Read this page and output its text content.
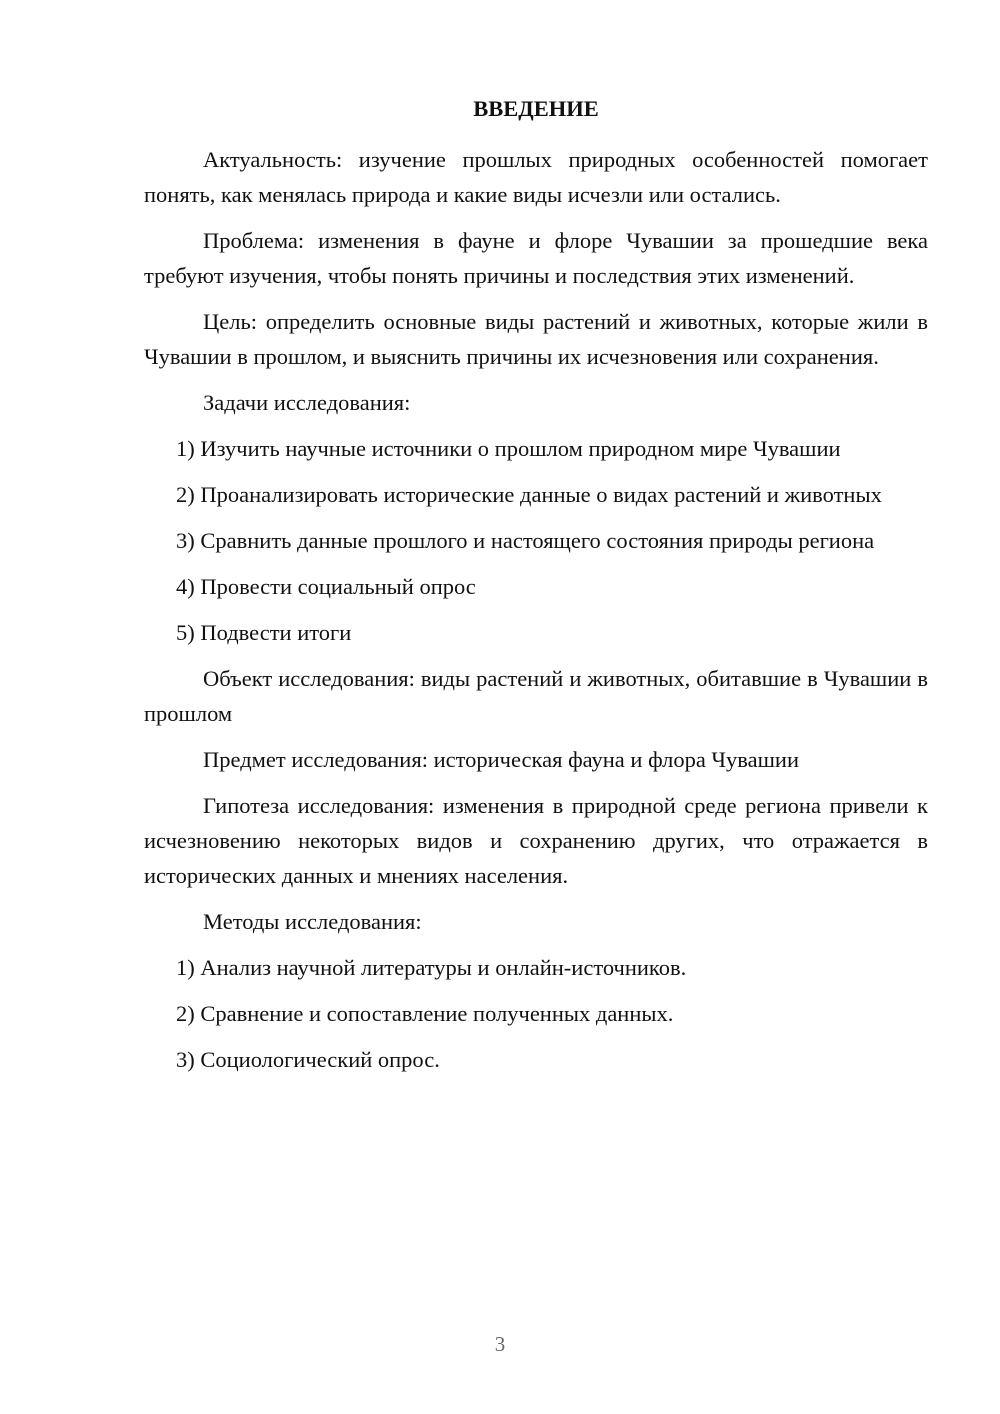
ВВЕДЕНИЕ

Актуальность: изучение прошлых природных особенностей помогает понять, как менялась природа и какие виды исчезли или остались.

Проблема: изменения в фауне и флоре Чувашии за прошедшие века требуют изучения, чтобы понять причины и последствия этих изменений.

Цель: определить основные виды растений и животных, которые жили в Чувашии в прошлом, и выяснить причины их исчезновения или сохранения.

Задачи исследования:

1) Изучить научные источники о прошлом природном мире Чувашии

2) Проанализировать исторические данные о видах растений и животных

3) Сравнить данные прошлого и настоящего состояния природы региона

4) Провести социальный опрос

5) Подвести итоги

Объект исследования: виды растений и животных, обитавшие в Чувашии в прошлом

Предмет исследования: историческая фауна и флора Чувашии

Гипотеза исследования: изменения в природной среде региона привели к исчезновению некоторых видов и сохранению других, что отражается в исторических данных и мнениях населения.

Методы исследования:

1) Анализ научной литературы и онлайн-источников.

2) Сравнение и сопоставление полученных данных.

3) Социологический опрос.

3
